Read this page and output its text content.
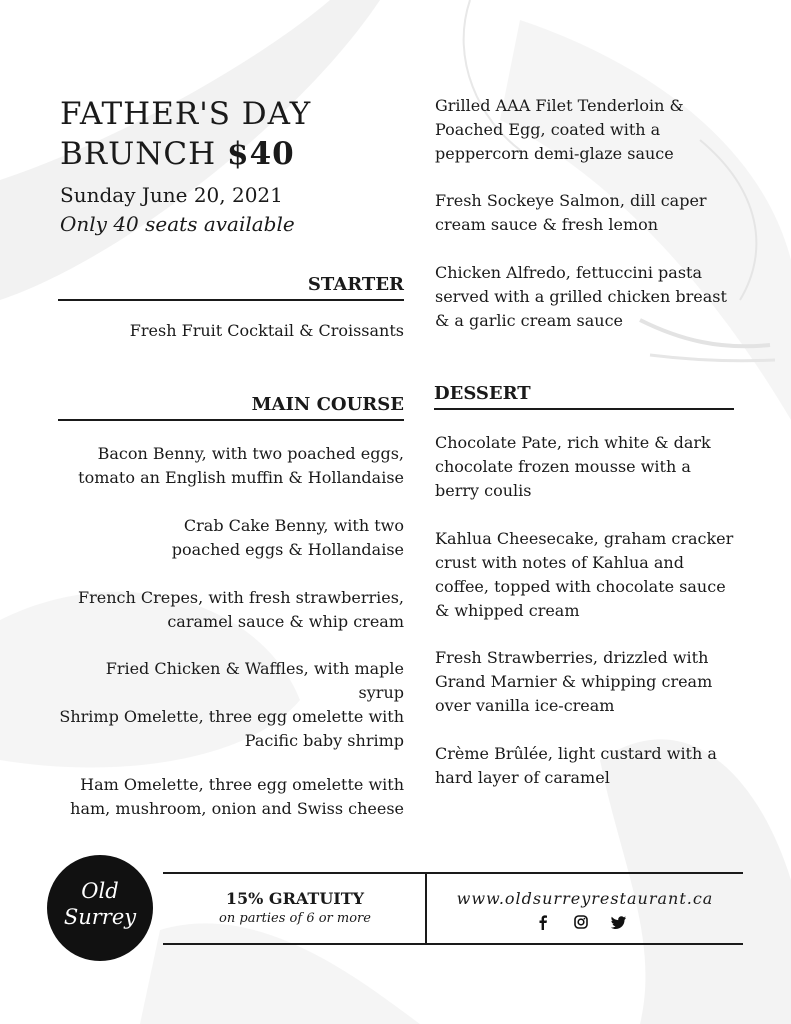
FATHER'S DAY
BRUNCH $40

Sunday June 20, 2021

Only 40 seats available

STARTER

Fresh Fruit Cocktail & Croissants

MAIN COURSE

Bacon Benny, with two poached eggs,
tomato an English muffin & Hollandaise

Crab Cake Benny, with two
poached eggs & Hollandaise

French Crepes, with fresh strawberries,
caramel sauce & whip cream

Fried Chicken & Waffles, with maple syrup

Shrimp Omelette, three egg omelette with
Pacific baby shrimp

Ham Omelette, three egg omelette with
ham, mushroom, onion and Swiss cheese

Grilled AAA Filet Tenderloin &
Poached Egg, coated with a
peppercorn demi-glaze sauce

Fresh Sockeye Salmon, dill caper
cream sauce & fresh lemon

Chicken Alfredo, fettuccini pasta
served with a grilled chicken breast
& a garlic cream sauce

DESSERT

Chocolate Pate, rich white & dark
chocolate frozen mousse with a
berry coulis

Kahlua Cheesecake, graham cracker
crust with notes of Kahlua and
coffee, topped with chocolate sauce
& whipped cream

Fresh Strawberries, drizzled with
Grand Marnier & whipping cream
over vanilla ice-cream

Crème Brûlée, light custard with a
hard layer of caramel

Old
Surrey
15% GRATUITY
on parties of 6 or more
www.oldsurreyrestaurant.ca
